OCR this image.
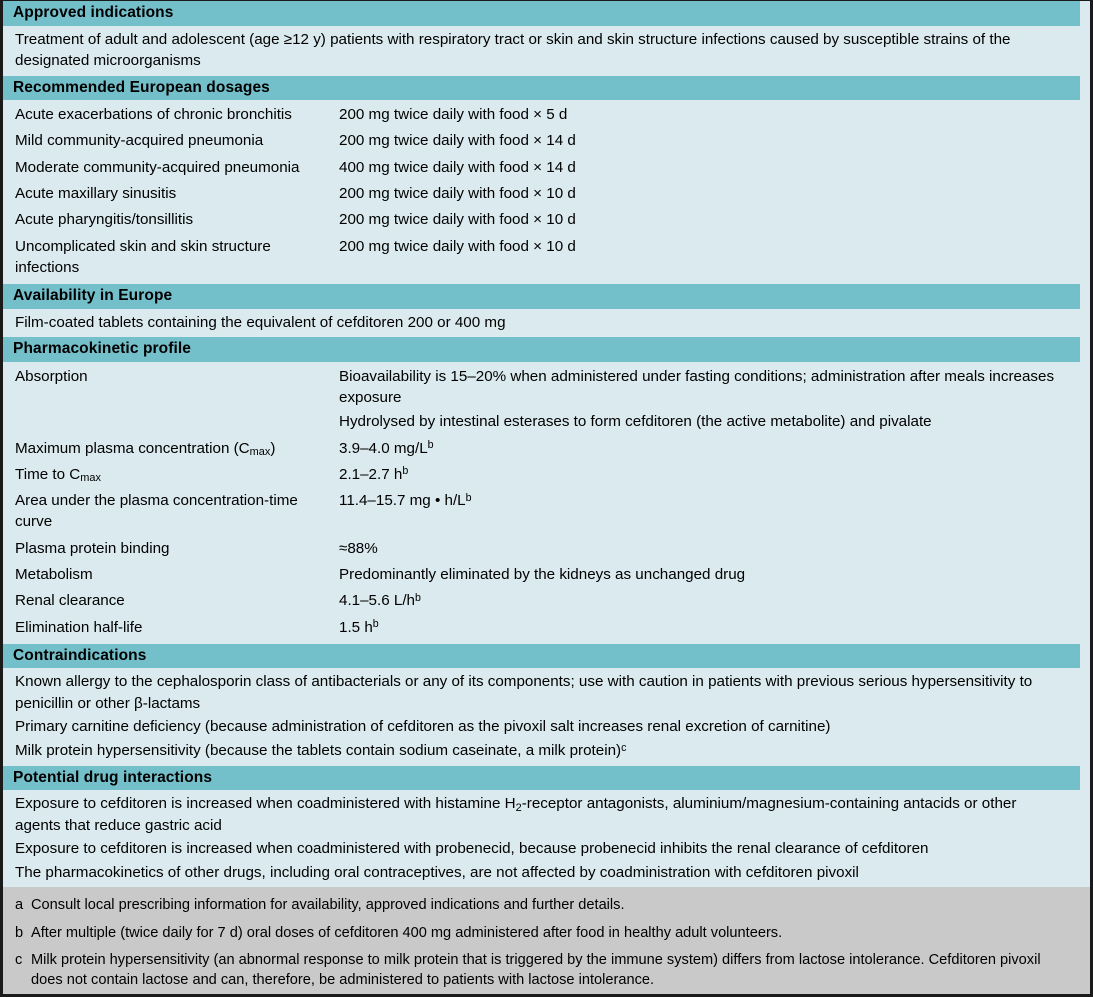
Approved indications

Treatment of adult and adolescent (age ≥12 y) patients with respiratory tract or skin and skin structure infections caused by susceptible strains of the designated microorganisms

Recommended European dosages
Acute exacerbations of chronic bronchitis	200 mg twice daily with food × 5 d
Mild community-acquired pneumonia	200 mg twice daily with food × 14 d
Moderate community-acquired pneumonia	400 mg twice daily with food × 14 d
Acute maxillary sinusitis	200 mg twice daily with food × 10 d
Acute pharyngitis/tonsillitis	200 mg twice daily with food × 10 d
Uncomplicated skin and skin structure infections	200 mg twice daily with food × 10 d
Availability in Europe

Film-coated tablets containing the equivalent of cefditoren 200 or 400 mg

Pharmacokinetic profile
Absorption	Bioavailability is 15–20% when administered under fasting conditions; administration after meals increases exposure
Hydrolysed by intestinal esterases to form cefditoren (the active metabolite) and pivalate

Maximum plasma concentration $(C_{max})$	3.9–4.0 $mg/L^b$
Time to $C_{max}$	2.1–2.7 $h^b$
Area under the plasma concentration-time curve	11.4–15.7 mg • $h/L^b$
Plasma protein binding	≈88%
Metabolism	Predominantly eliminated by the kidneys as unchanged drug
Renal clearance	4.1–5.6 $L/h^b$
Elimination half-life	1.5 $h^b$
Contraindications

Known allergy to the cephalosporin class of antibacterials or any of its components; use with caution in patients with previous serious hypersensitivity to penicillin or other β-lactams

Primary carnitine deficiency (because administration of cefditoren as the pivoxil salt increases renal excretion of carnitine)

Milk protein hypersensitivity (because the tablets contain sodium caseinate, a milk protein)$^c$

Potential drug interactions

Exposure to cefditoren is increased when coadministered with histamine $H_2$-receptor antagonists, aluminium/magnesium-containing antacids or other agents that reduce gastric acid

Exposure to cefditoren is increased when coadministered with probenecid, because probenecid inhibits the renal clearance of cefditoren

The pharmacokinetics of other drugs, including oral contraceptives, are not affected by coadministration with cefditoren pivoxil

a Consult local prescribing information for availability, approved indications and further details.
b After multiple (twice daily for 7 d) oral doses of cefditoren 400 mg administered after food in healthy adult volunteers.
c Milk protein hypersensitivity (an abnormal response to milk protein that is triggered by the immune system) differs from lactose intolerance. Cefditoren pivoxil does not contain lactose and can, therefore, be administered to patients with lactose intolerance.
